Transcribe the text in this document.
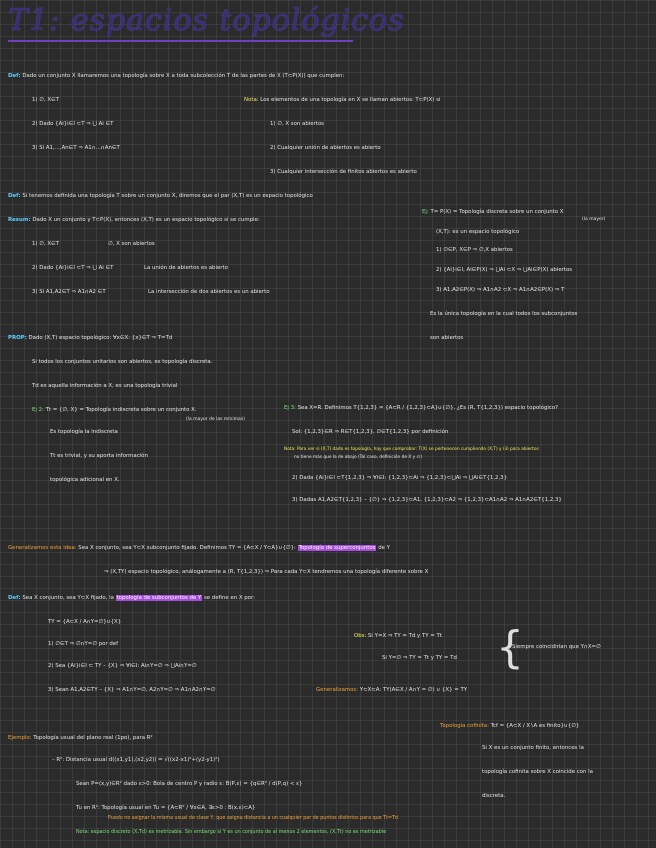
T1: espacios topológicos
Def: Dado un conjunto X llamaremos una topología sobre X a toda subcolección T de las partes de X (T⊂P(X)) que cumplen:
1) ∅, X∈T
2) Dado {Ai}i∈I ⊂T ⇒ ⋃ Ai ∈T
3) Si A1,...,An∈T ⇒ A1∩...∩An∈T
Nota: Los elementos de una topología en X se llaman abiertos: T⊂P(X) si
1) ∅, X son abiertos
2) Cualquier unión de abiertos es abierto
3) Cualquier intersección de finitos abiertos es abierto
Def: Si tenemos definida una topología T sobre un conjunto X, diremos que el par (X,T) es un espacio topológico
Resum: Dado X un conjunto y T⊂P(X), entonces (X,T) es un espacio topológico si se cumple:
1) ∅, X∈T	∅, X son abiertos
2) Dado {Ai}i∈I ⊂T ⇒ ⋃ Ai ∈T	La unión de abiertos es abierto
3) Si A1,A2∈T ⇒ A1∩A2 ∈T	La intersección de dos abiertos es un abierto
Ej: T= P(X) = Topología discreta sobre un conjunto X
(la mayor)
(X,T): es un espacio topológico
1) ∅∈P, X∈P ⇒ ∅,X abiertos
2) {Ai}i∈I, Ai∈P(X) ⇒ ⋃Ai ⊂X ⇒ ⋃Ai∈P(X) abiertos
3) A1,A2∈P(X) ⇒ A1∩A2 ⊂X ⇒ A1∩A2∈P(X) ⇒ T
Es la única topología en la cual todos los subconjuntos
son abiertos
PROP: Dado (X,T) espacio topológico: ∀x∈X: {x}∈T ⇒ T=Td
Si todos los conjuntos unitarios son abiertos, es topología discreta.
Td es aquella información a X, es una topología trivial
Ej 2: Tt = {∅, X} = Topología indiscreta sobre un conjunto X.
(la mayor de las mínimas)
Es topología la indiscreta
Tt es trivial, y su aporta información
topológica adicional en X.
Ej 3: Sea X=R. Definimos T{1,2,3} = {A⊂R / {1,2,3}⊂A}∪{∅}, ¿Es (R, T{1,2,3}) espacio topológico?
Sol: {1,2,3}∈R ⇒ R∈T{1,2,3}, ∅∈T{1,2,3} por definición
Nota: Para ver si (X,T) dado es topología, hay que comprobar: T(X) se pertenecen cumpliendo (X,T) y (ii) para abiertos
no tiene más que la de abajo (Tal caso, definición de X y ∅)
2) Dada {Ai}i∈I ⊂T{1,2,3} ⇒ ∀i∈I: {1,2,3}⊂Ai ⇒ {1,2,3}⊂⋃Ai ⇒ ⋃Ai∈T{1,2,3}
3) Dadas A1,A2∈T{1,2,3} – {∅} ⇒ {1,2,3}⊂A1, {1,2,3}⊂A2 ⇒ {1,2,3}⊂A1∩A2 ⇒ A1∩A2∈T{1,2,3}
Generalizamos esta idea: Sea X conjunto, sea Y⊂X subconjunto fijado. Definimos TY = {A⊂X / Y⊂A}∪{∅}: Topología de superconjuntos de Y
⇒ (X,TY) espacio topológico, análogamente a (R, T{1,2,3}) ⇒ Para cada Y⊂X tendremos una topología diferente sobre X
Def: Sea X conjunto, sea Y⊂X fijado, la topología de subconjuntos de Y se define en X por:
TY = {A⊂X / A∩Y=∅}∪{X}
1) ∅∈T ⇒ ∅∩Y=∅ por def
2) Sea {Ai}i∈I ⊂ TY – {X} ⇒ ∀i∈I: Ai∩Y=∅ ⇒ ⋃Ai∩Y=∅
3) Sean A1,A2∈TY – {X} ⇒ A1∩Y=∅, A2∩Y=∅ ⇒ A1∩A2∩Y=∅
Obs: Si Y=X ⇒ TY = Td y TY = Tt
Si Y=∅ ⇒ TY = Tt y TY = Td {
Siempre coincidirían que Y∩X=∅
Generalizamos: Y⊂X⊂A: TY(A∈X / A∩Y = ∅) ∪ {X} = TY
Ejemplo: Topología usual del plano real (1po), para R²
– R²: Distancia usual d((x1,y1),(x2,y2)) = √((x2-x1)²+(y2-y1)²)
Sean P=(x,y)∈R² dado ε>0: Bola de centro P y radio ε: B(P,ε) = {q∈R² / d(P,q) < ε}
Tu en R²: Topología usual en Tu = {A⊂R² / ∀x∈A, ∃ε>0 : B(x,ε)⊂A}
Puedo no asignar la misma usual de clase Y, que asigna distancia a un cualquier par de puntos distintos para que Tt=Td
Nota: espacio discreto (X,Td) es metrizable. Sin embargo si Y es un conjunto de al menos 2 elementos, (X,Tt) no es metrizable
Topología cofinita: Tcf = {A⊂X / X∖A es finito}∪{∅}
Si X es un conjunto finito, entonces la
topología cofinita sobre X coincide con la
discreta.
